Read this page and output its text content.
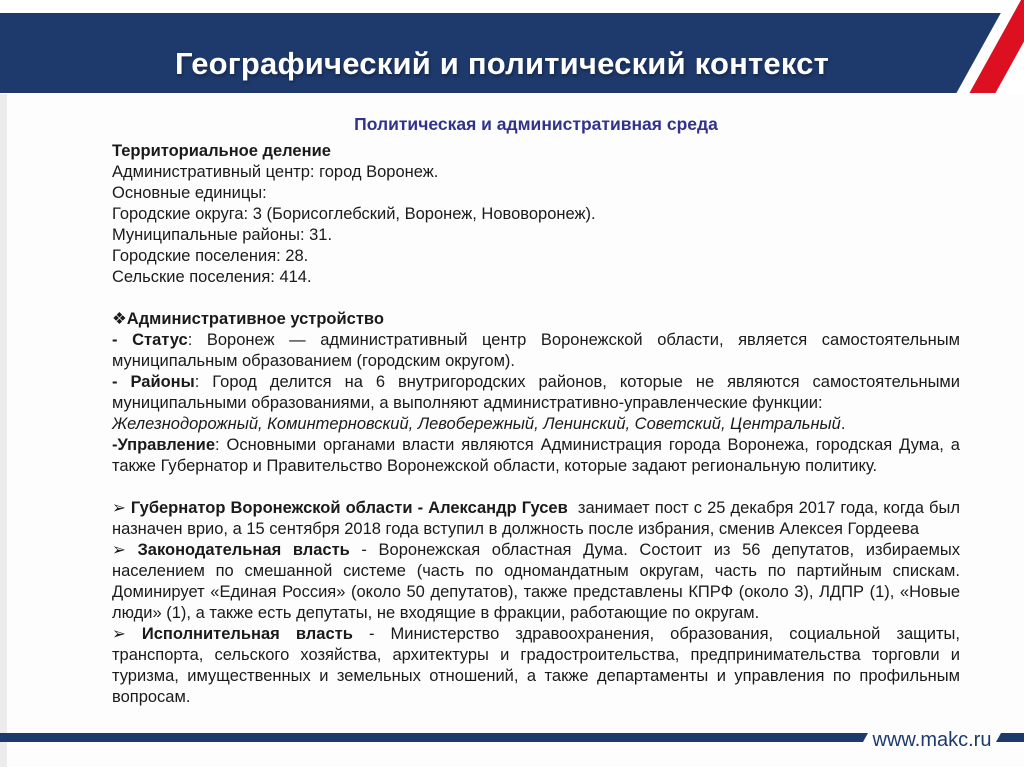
Географический и политический контекст
Политическая и административная среда
Территориальное деление
Административный центр: город Воронеж.
Основные единицы:
Городские округа: 3 (Борисоглебский, Воронеж, Нововоронеж).
Муниципальные районы: 31.
Городские поселения: 28.
Сельские поселения: 414.
❖Административное устройство
- Статус: Воронеж — административный центр Воронежской области, является самостоятельным муниципальным образованием (городским округом).
- Районы: Город делится на 6 внутригородских районов, которые не являются самостоятельными муниципальными образованиями, а выполняют административно-управленческие функции:
Железнодорожный, Коминтерновский, Левобережный, Ленинский, Советский, Центральный.
-Управление: Основными органами власти являются Администрация города Воронежа, городская Дума, а также Губернатор и Правительство Воронежской области, которые задают региональную политику.
➢ Губернатор Воронежской области - Александр Гусев  занимает пост с 25 декабря 2017 года, когда был назначен врио, а 15 сентября 2018 года вступил в должность после избрания, сменив Алексея Гордеева
➢ Законодательная власть - Воронежская областная Дума. Состоит из 56 депутатов, избираемых населением по смешанной системе (часть по одномандатным округам, часть по партийным спискам. Доминирует «Единая Россия» (около 50 депутатов), также представлены КПРФ (около 3), ЛДПР (1), «Новые люди» (1), а также есть депутаты, не входящие в фракции, работающие по округам.
➢ Исполнительная власть - Министерство здравоохранения, образования, социальной защиты, транспорта, сельского хозяйства, архитектуры и градостроительства, предпринимательства торговли и туризма, имущественных и земельных отношений, а также департаменты и управления по профильным вопросам.
www.makc.ru
